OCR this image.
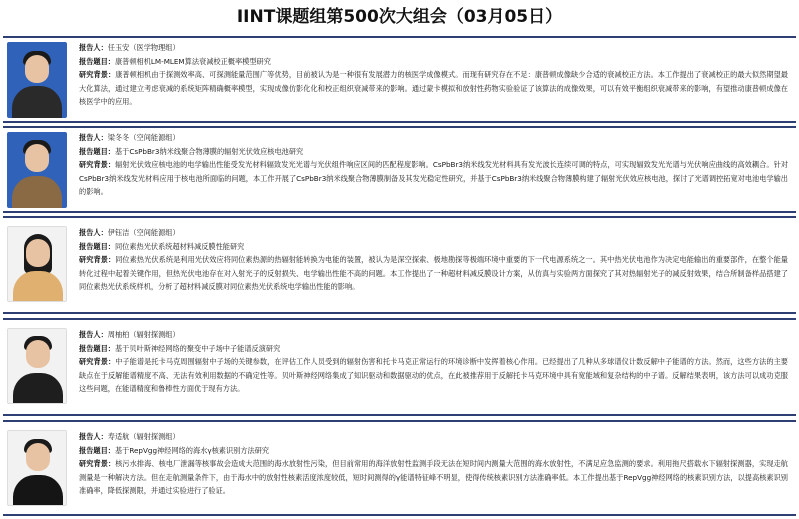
IINT课题组第500次大组会（03月05日）
报告人：任玉安（医学物理组）
报告题目：康普顿相机LM-MLEM算法衰减校正概率模型研究
研究背景：康普顿相机由于探测效率高、可探测能量范围广等优势，目前被认为是一种很有发展潜力的核医学成像模式。而现有研究存在不足：康普顿成像缺少合适的衰减校正方法。本工作提出了衰减校正的最大似然期望最大化算法，通过建立考虑衰减的系统矩阵精确概率模型，实现成像仿影化化和校正组织衰减带来的影响。通过蒙卡模拟和放射性药物实验验证了该算法的成像效果，可以有效平衡组织衰减带来的影响，有望推动康普顿成像在核医学中的应用。
报告人：梁冬冬（空间能源组）
报告题目：基于CsPbBr3纳米线聚合物薄膜的辐射光伏效应核电池研究
研究背景：辐射光伏效应核电池的电学输出性能受发光材料辐致发光光谱与光伏组件响应区间的匹配程度影响。CsPbBr3纳米线发光材料具有发光波长连续可调的特点，可实现辐致发光光谱与光伏响应曲线的高效耦合。针对CsPbBr3纳米线发光材料应用于核电池所面临的问题，本工作开展了CsPbBr3纳米线聚合物薄膜制备及其发光稳定性研究，并基于CsPbBr3纳米线聚合物薄膜构建了辐射光伏效应核电池，探讨了光谱调控拓宽对电池电学输出的影响。
报告人：伊钰洁（空间能源组）
报告题目：同位素热光伏系统超材料减反膜性能研究
研究背景：同位素热光伏系统是利用光伏效应将同位素热源的热辐射能转换为电能的装置，被认为是深空探索、极地勘探等极端环境中重要的下一代电源系统之一。其中热光伏电池作为决定电能输出的重要部件，在整个能量转化过程中起着关键作用，但热光伏电池存在对入射光子的反射损失、电学输出性能不高的问题。本工作提出了一种超材料减反膜设计方案，从仿真与实验两方面探究了其对热辐射光子的减反射效果，结合所制备样品搭建了同位素热光伏系统样机，分析了超材料减反膜对同位素热光伏系统电学输出性能的影响。
报告人：周柚柏（辐射探测组）
报告题目：基于贝叶斯神经网络的聚变中子场中子能谱反演研究
研究背景：中子能谱是托卡马克周围辐射中子场的关键参数，在评估工作人员受到的辐射伤害和托卡马克正常运行的环境诊断中发挥着核心作用。已经提出了几种从多球谱仪计数反解中子能谱的方法。然而，这些方法的主要缺点在于反解能谱精度不高、无法有效利用数据的不确定性等。贝叶斯神经网络集成了知识驱动和数据驱动的优点，在此被推荐用于反解托卡马克环境中具有宽能域和复杂结构的中子谱。反解结果表明，该方法可以成功克服这些问题，在能谱精度和鲁棒性方面优于现有方法。
报告人：寿适航（辐射探测组）
报告题目：基于RepVgg神经网络的海水γ核素识别方法研究
研究背景：核污水排海、核电厂泄漏等核事故会造成大范围的海水放射性污染，但目前常用的海洋放射性监测手段无法在短时间内测量大范围的海水放射性，不满足应急监测的要求。利用拖尺搭载水下辐射探测器，实现走航测量是一种解决方法。但在走航测量条件下，由于海水中的放射性核素活度浓度较低，短时间测得的γ能谱特征峰不明显，使得传统核素识别方法准确率低。本工作提出基于RepVgg神经网络的核素识别方法，以提高核素识别准确率，降低探测限，并通过实验进行了验证。
